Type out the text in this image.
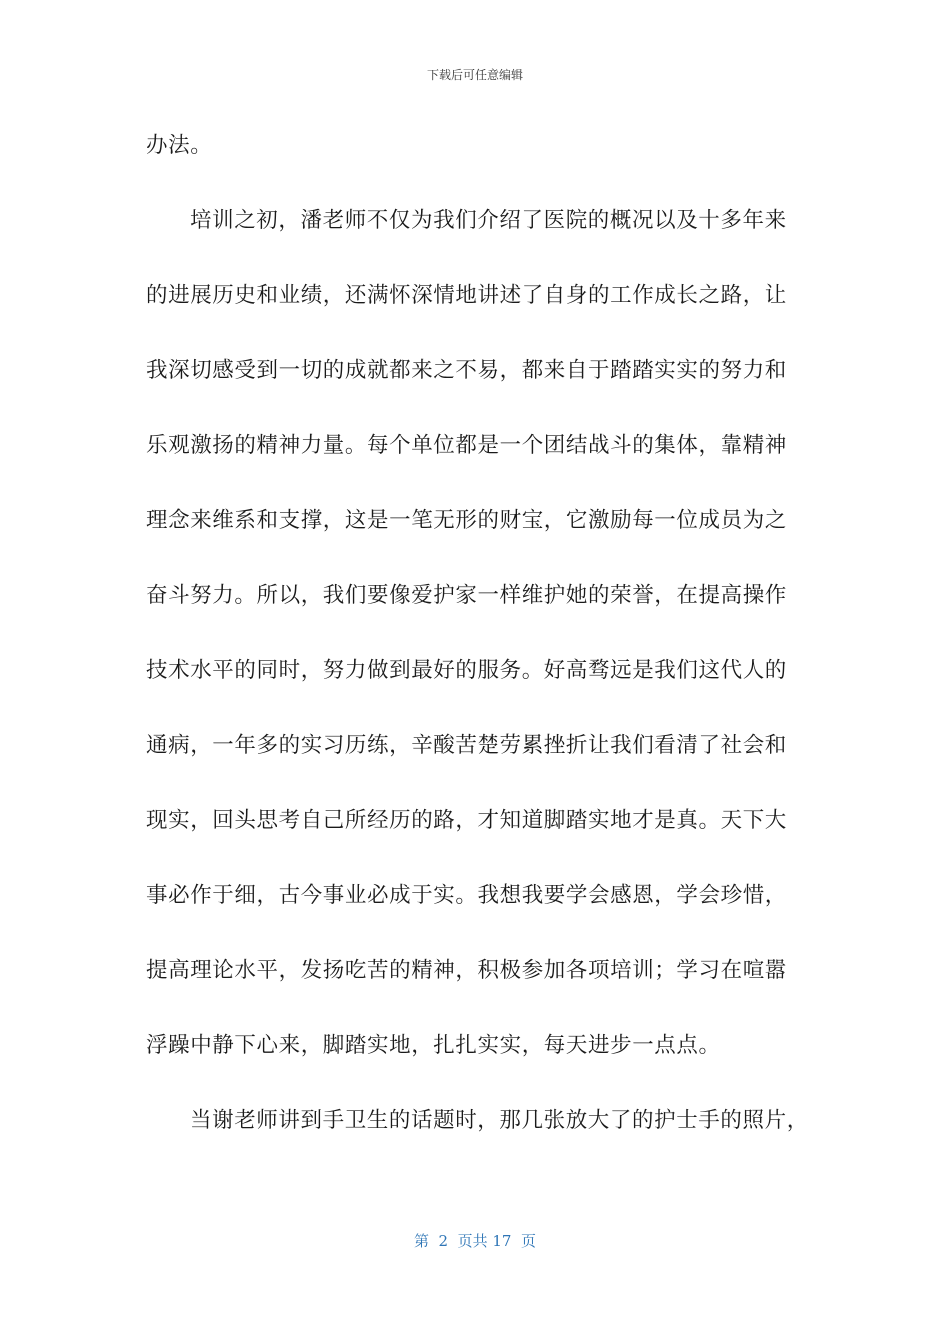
下载后可任意编辑
办法。
培训之初，潘老师不仅为我们介绍了医院的概况以及十多年来
的进展历史和业绩，还满怀深情地讲述了自身的工作成长之路，让
我深切感受到一切的成就都来之不易，都来自于踏踏实实的努力和
乐观激扬的精神力量。每个单位都是一个团结战斗的集体，靠精神
理念来维系和支撑，这是一笔无形的财宝，它激励每一位成员为之
奋斗努力。所以，我们要像爱护家一样维护她的荣誉，在提高操作
技术水平的同时，努力做到最好的服务。好高骛远是我们这代人的
通病，一年多的实习历练，辛酸苦楚劳累挫折让我们看清了社会和
现实，回头思考自己所经历的路，才知道脚踏实地才是真。天下大
事必作于细，古今事业必成于实。我想我要学会感恩，学会珍惜，
提高理论水平，发扬吃苦的精神，积极参加各项培训；学习在喧嚣
浮躁中静下心来，脚踏实地，扎扎实实，每天进步一点点。
当谢老师讲到手卫生的话题时，那几张放大了的护士手的照片，
第  2  页共 17  页
